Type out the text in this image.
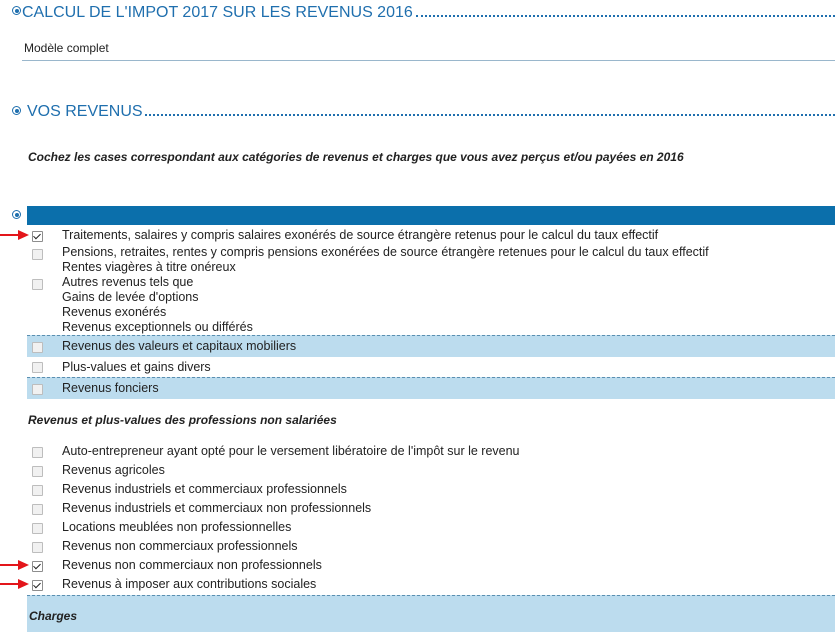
CALCUL DE L'IMPOT 2017 SUR LES REVENUS 2016
Modèle complet
VOS REVENUS
Cochez les cases correspondant aux catégories de revenus et charges que vous avez perçus et/ou payées en 2016
Traitements, salaires y compris salaires exonérés de source étrangère retenus pour le calcul du taux effectif
Pensions, retraites, rentes y compris pensions exonérées de source étrangère retenues pour le calcul du taux effectif
Rentes viagères à titre onéreux
Autres revenus tels que
Gains de levée d'options
Revenus exonérés
Revenus exceptionnels ou différés
Revenus des valeurs et capitaux mobiliers
Plus-values et gains divers
Revenus fonciers
Revenus et plus-values des professions non salariées
Auto-entrepreneur ayant opté pour le versement libératoire de l'impôt sur le revenu
Revenus agricoles
Revenus industriels et commerciaux professionnels
Revenus industriels et commerciaux non professionnels
Locations meublées non professionnelles
Revenus non commerciaux professionnels
Revenus non commerciaux non professionnels
Revenus à imposer aux contributions sociales
Charges
